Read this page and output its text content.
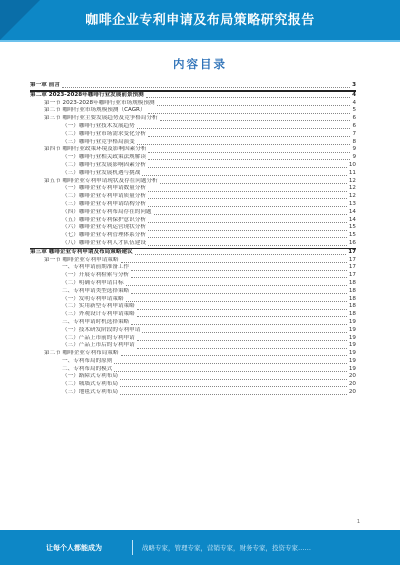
咖啡企业专利申请及布局策略研究报告
内容目录
第一章 前言	3
第二章 2023-2028年咖啡行业发展前景预测	4
第一节 2023-2028年咖啡行业市场规模预测	4
第二节 咖啡行业市场规模预测（CAGR）	5
第三节 咖啡行业主要发展趋势及竞争格局分析	6
（一）咖啡行业技术发展趋势	6
（二）咖啡行业市场需求变化分析	7
（三）咖啡行业竞争格局演变	8
第四节 咖啡行业政策环境及影响因素分析	9
（一）咖啡行业相关政策法规解读	9
（二）咖啡行业发展影响因素分析	10
（三）咖啡行业发展机遇与挑战	11
第五节 咖啡企业专利申请现状及存在问题分析	12
（一）咖啡企业专利申请数量分析	12
（二）咖啡企业专利申请质量分析	12
（三）咖啡企业专利申请结构分析	13
（四）咖啡企业专利布局存在的问题	14
（五）咖啡企业专利保护意识分析	14
（六）咖啡企业专利运营现状分析	15
（七）咖啡企业专利管理体系分析	15
（八）咖啡企业专利人才队伍建设	16
第三章 咖啡企业专利申请及布局策略建议	17
第一节 咖啡企业专利申请策略	17
一、专利申请前期准备工作	17
（一）开展专利检索与分析	17
（二）明确专利申请目标	18
二、专利申请类型选择策略	18
（一）发明专利申请策略	18
（二）实用新型专利申请策略	18
（三）外观设计专利申请策略	18
三、专利申请时机选择策略	19
（一）技术研发阶段的专利申请	19
（二）产品上市前的专利申请	19
（三）产品上市后的专利申请	19
第二节 咖啡企业专利布局策略	19
一、专利布局的原则	19
二、专利布局的模式	19
（一）路障式专利布局	20
（二）城墙式专利布局	20
（三）地毯式专利布局	20
1
让每个人都能成为	战略专家，管理专家，营销专家，财务专家，投资专家……
